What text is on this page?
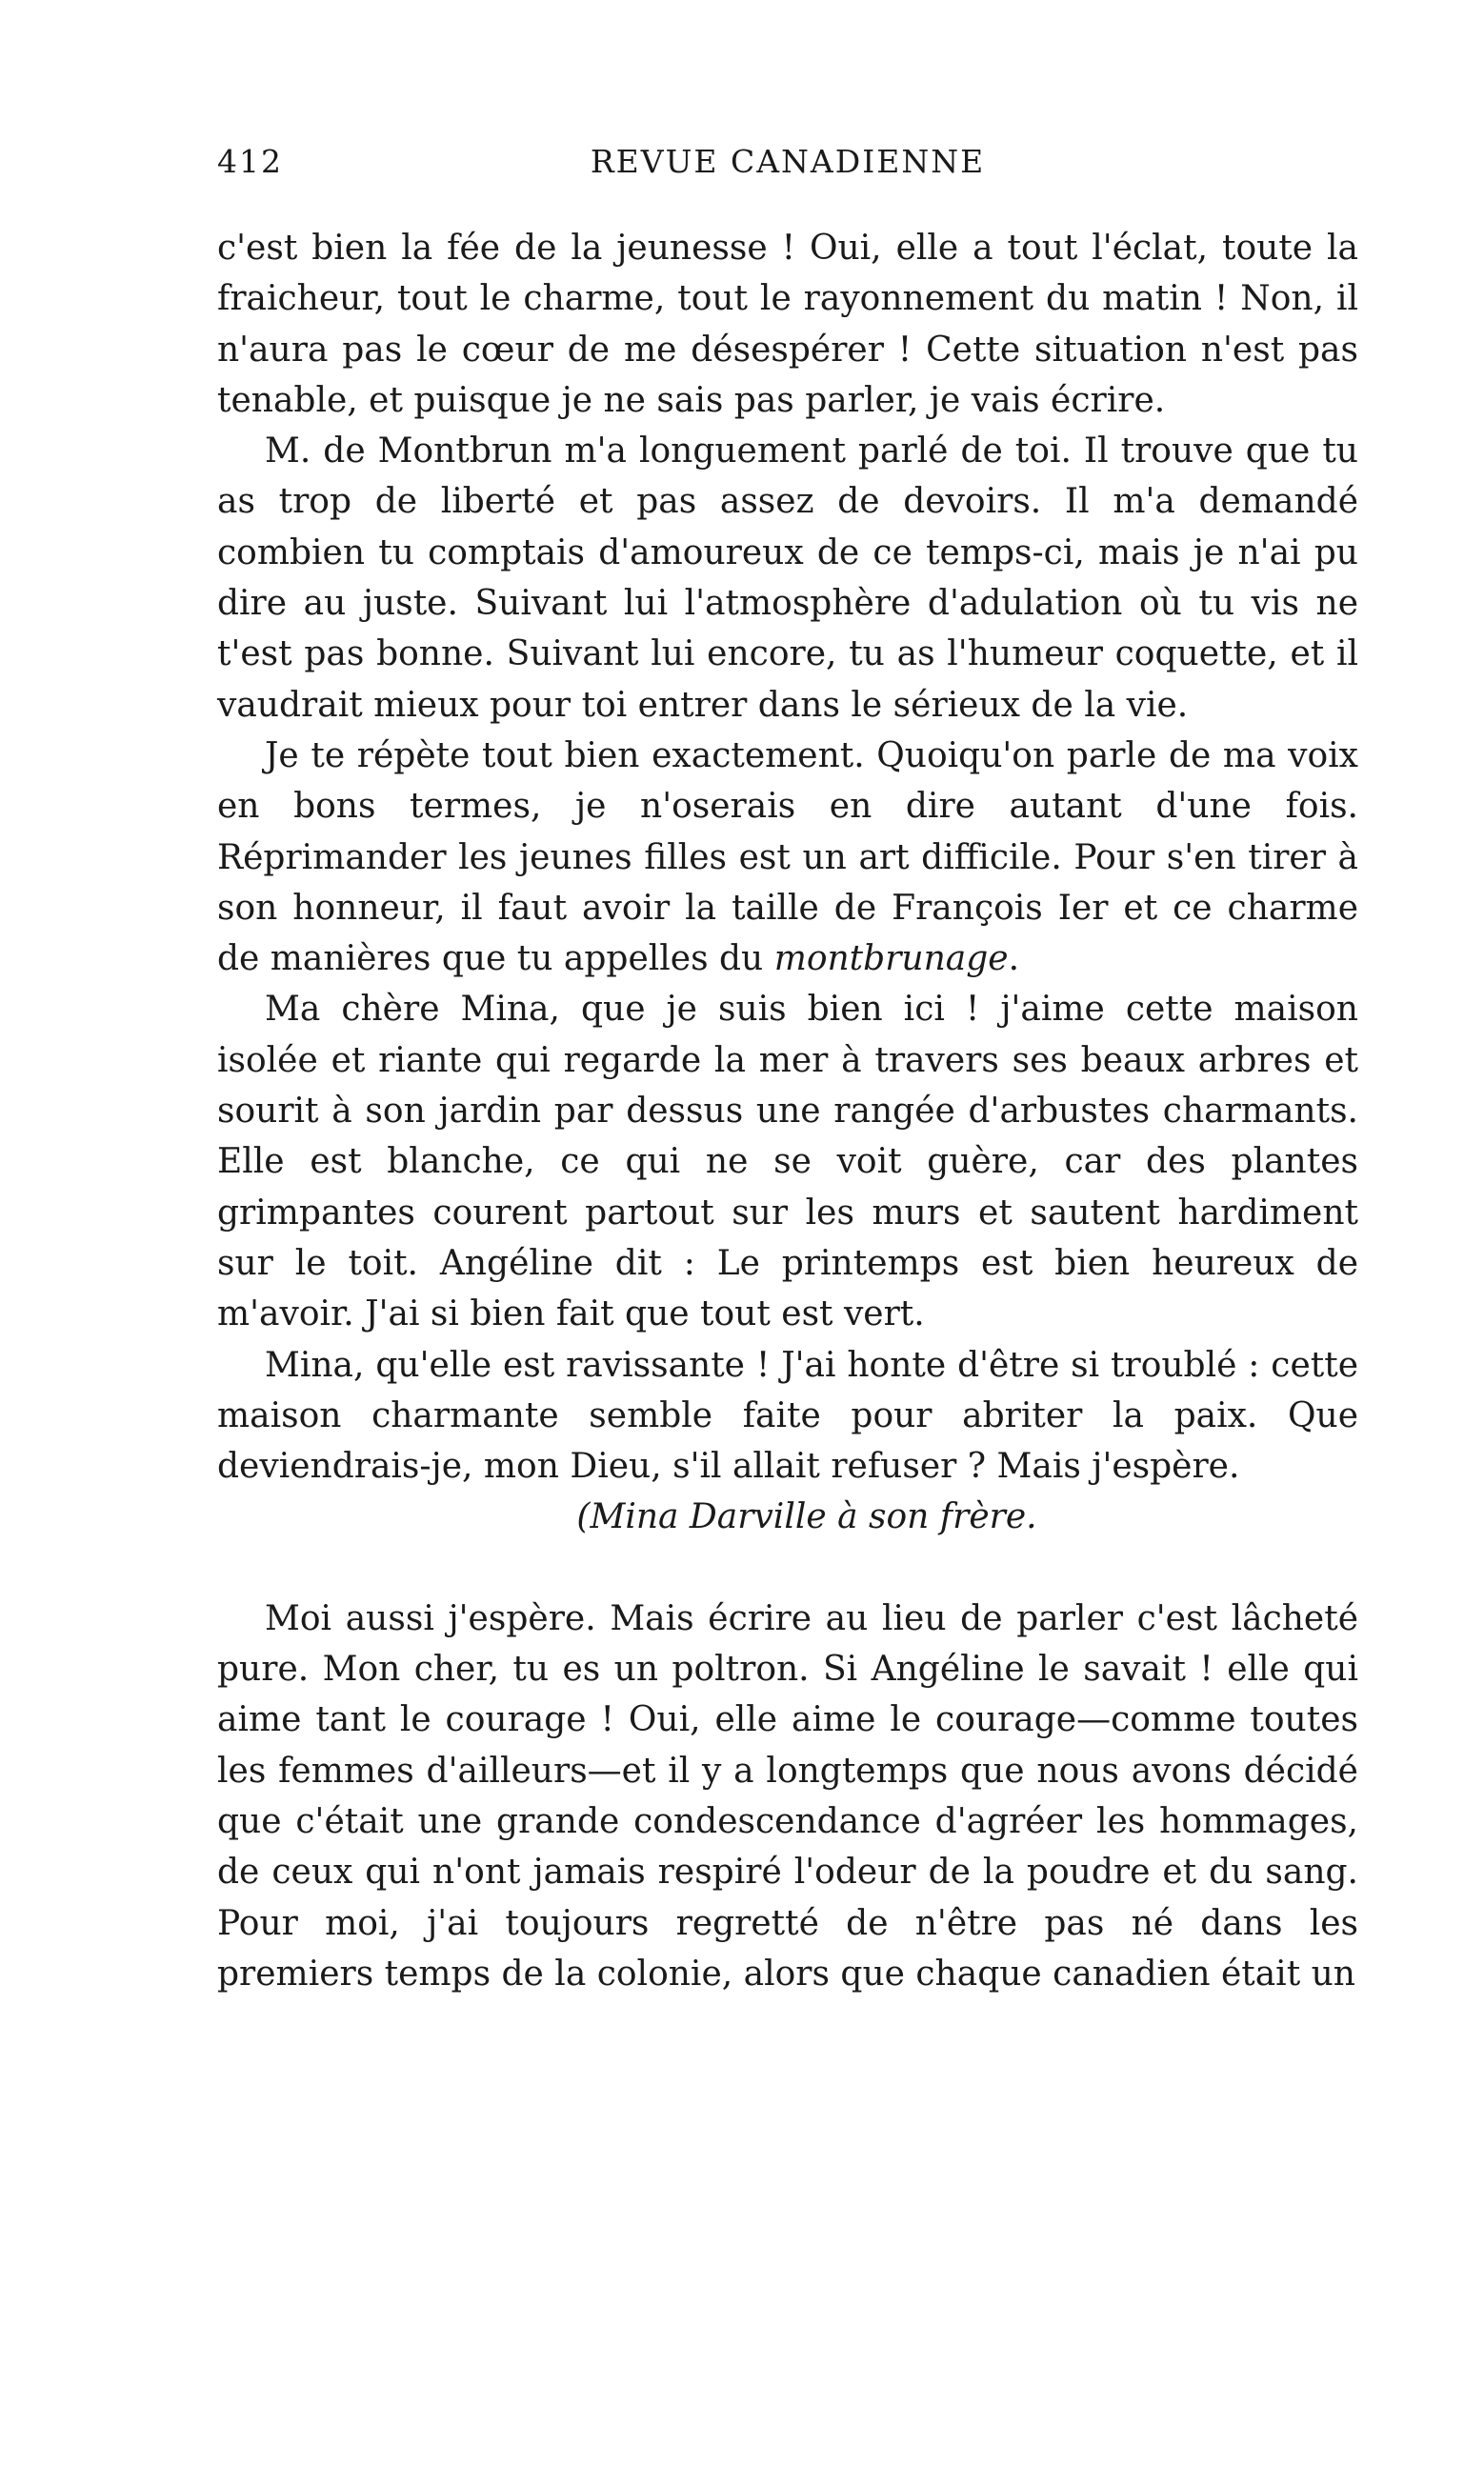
412	REVUE CANADIENNE

c'est bien la fée de la jeunesse ! Oui, elle a tout l'éclat, toute la fraicheur, tout le charme, tout le rayonnement du matin ! Non, il n'aura pas le cœur de me désespérer ! Cette situation n'est pas tenable, et puisque je ne sais pas parler, je vais écrire.

M. de Montbrun m'a longuement parlé de toi. Il trouve que tu as trop de liberté et pas assez de devoirs. Il m'a demandé combien tu comptais d'amoureux de ce temps-ci, mais je n'ai pu dire au juste. Suivant lui l'atmosphère d'adulation où tu vis ne t'est pas bonne. Suivant lui encore, tu as l'humeur coquette, et il vaudrait mieux pour toi entrer dans le sérieux de la vie.

Je te répète tout bien exactement. Quoiqu'on parle de ma voix en bons termes, je n'oserais en dire autant d'une fois. Réprimander les jeunes filles est un art difficile. Pour s'en tirer à son honneur, il faut avoir la taille de François Ier et ce charme de manières que tu appelles du montbrunage.

Ma chère Mina, que je suis bien ici ! j'aime cette maison isolée et riante qui regarde la mer à travers ses beaux arbres et sourit à son jardin par dessus une rangée d'arbustes charmants. Elle est blanche, ce qui ne se voit guère, car des plantes grimpantes courent partout sur les murs et sautent hardiment sur le toit. Angéline dit : Le printemps est bien heureux de m'avoir. J'ai si bien fait que tout est vert.

Mina, qu'elle est ravissante ! J'ai honte d'être si troublé : cette maison charmante semble faite pour abriter la paix. Que deviendrais-je, mon Dieu, s'il allait refuser ? Mais j'espère.

(Mina Darville à son frère.

Moi aussi j'espère. Mais écrire au lieu de parler c'est lâcheté pure. Mon cher, tu es un poltron. Si Angéline le savait ! elle qui aime tant le courage ! Oui, elle aime le courage—comme toutes les femmes d'ailleurs—et il y a longtemps que nous avons décidé que c'était une grande condescendance d'agréer les hommages, de ceux qui n'ont jamais respiré l'odeur de la poudre et du sang. Pour moi, j'ai toujours regretté de n'être pas né dans les premiers temps de la colonie, alors que chaque canadien était un
